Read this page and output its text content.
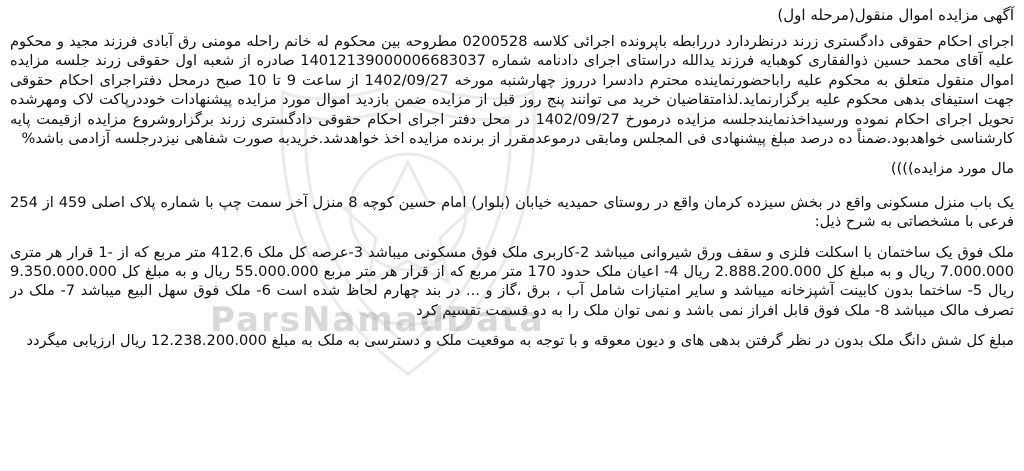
ParsNamadData

آگهی مزایده اموال منقول(مرحله اول)

اجرای احکام حقوقی دادگستری زرند درنظردارد دررابطه باپرونده اجرائی کلاسه 0200528 مطروحه بین محکوم له خانم راحله مومنی رق آبادی فرزند مجید و محکوم علیه آقای محمد حسین ذوالفقاری کوهبایه فرزند یدالله دراستای اجرای دادنامه شماره 14012139000006683037 صادره از شعبه اول حقوقی زرند جلسه مزایده اموال منقول متعلق به محکوم علیه راباحضورنماینده محترم دادسرا درروز چهارشنبه مورخه 1402/09/27 از ساعت 9 تا 10 صبح درمحل دفتراجرای احکام حقوقی جهت استیفای بدهی محکوم علیه برگزارنماید.لذامتقاضیان خرید می توانند پنج روز قبل از مزایده ضمن بازدید اموال مورد مزایده پیشنهادات خوددرپاکت لاک ومهرشده تحویل اجرای احکام نموده ورسیداخذنمایندجلسه مزایده درمورخ 1402/09/27 در محل دفتر اجرای احکام حقوقی دادگستری زرند برگزاروشروع مزایده ازقیمت پایه کارشناسی خواهدبود.ضمناً ده درصد مبلغ پیشنهادی فی المجلس ومابقی درموعدمقرر از برنده مزایده اخذ خواهدشد.خریدبه صورت شفاهی نیزدرجلسه آزادمی باشد%

مال مورد مزایده))))

یک باب منزل مسکونی واقع در بخش سیزده کرمان واقع در روستای حمیدیه خیابان (بلوار) امام حسین کوچه 8 منزل آخر سمت چپ با شماره پلاک اصلی 459 از 254 فرعی با مشخصاتی به شرح ذیل:

ملک فوق یک ساختمان با اسکلت فلزی و سقف ورق شیروانی میباشد 2-کاربری ملک فوق مسکونی میباشد 3-عرصه کل ملک 412.6 متر مربع که از -1 قرار هر متری 7.000.000 ریال و به مبلغ کل 2.888.200.000 ریال 4- اعیان ملک حدود 170 متر مربع که از قرار هر متر مربع 55.000.000 ریال و به مبلغ کل 9.350.000.000 ریال 5- ساختما بدون کابینت آشپزخانه میباشد و سایر امتیازات شامل آب ، برق ،گاز و ... در بند چهارم لحاظ شده است 6- ملک فوق سهل البیع میباشد 7- ملک در تصرف مالک میباشد 8- ملک فوق قابل افراز نمی باشد و نمی توان ملک را به دو قسمت تقسیم کرد

مبلغ کل شش دانگ ملک بدون در نظر گرفتن بدهی های و دیون معوقه و با توجه به موقعیت ملک و دسترسی به ملک به مبلغ 12.238.200.000 ریال ارزیابی میگردد
